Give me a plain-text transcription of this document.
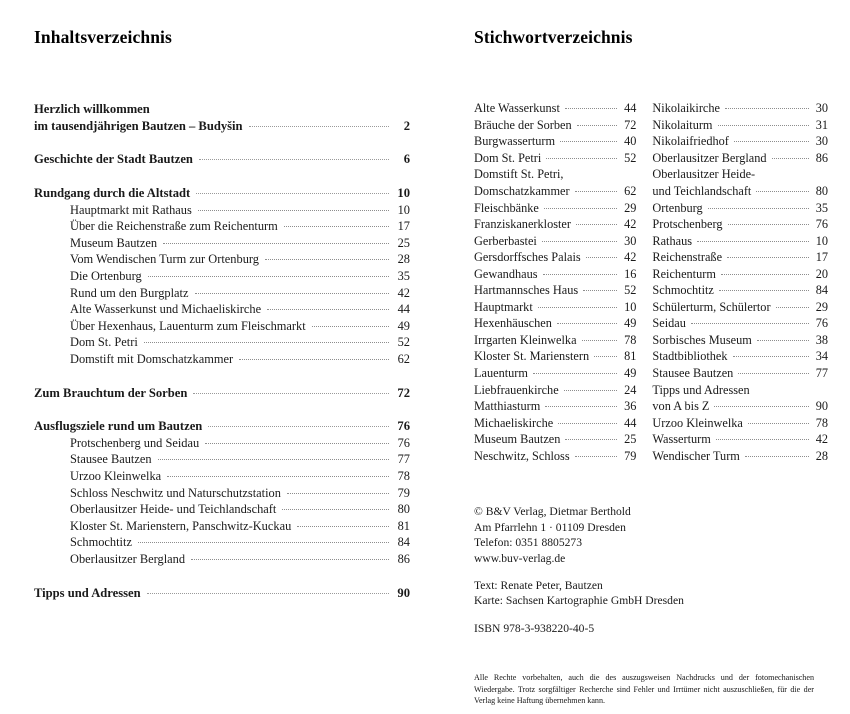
Inhaltsverzeichnis
Herzlich willkommen
im tausendjährigen Bautzen – Budyšin	2
Geschichte der Stadt Bautzen	6
Rundgang durch die Altstadt	10
Hauptmarkt mit Rathaus	10
Über die Reichenstraße zum Reichenturm	17
Museum Bautzen	25
Vom Wendischen Turm zur Ortenburg	28
Die Ortenburg	35
Rund um den Burgplatz	42
Alte Wasserkunst und Michaeliskirche	44
Über Hexenhaus, Lauenturm zum Fleischmarkt	49
Dom St. Petri	52
Domstift mit Domschatzkammer	62
Zum Brauchtum der Sorben	72
Ausflugsziele rund um Bautzen	76
Protschenberg und Seidau	76
Stausee Bautzen	77
Urzoo Kleinwelka	78
Schloss Neschwitz und Naturschutzstation	79
Oberlausitzer Heide- und Teichlandschaft	80
Kloster St. Marienstern, Panschwitz-Kuckau	81
Schmochtitz	84
Oberlausitzer Bergland	86
Tipps und Adressen	90
Stichwortverzeichnis
Alte Wasserkunst	44
Bräuche der Sorben	72
Burgwasserturm	40
Dom St. Petri	52
Domstift St. Petri,
Domschatzkammer	62
Fleischbänke	29
Franziskanerkloster	42
Gerberbastei	30
Gersdorffsches Palais	42
Gewandhaus	16
Hartmannsches Haus	52
Hauptmarkt	10
Hexenhäuschen	49
Irrgarten Kleinwelka	78
Kloster St. Marienstern	81
Lauenturm	49
Liebfrauenkirche	24
Matthiasturm	36
Michaeliskirche	44
Museum Bautzen	25
Neschwitz, Schloss	79
Nikolaikirche	30
Nikolaiturm	31
Nikolaifriedhof	30
Oberlausitzer Bergland	86
Oberlausitzer Heide-
und Teichlandschaft	80
Ortenburg	35
Protschenberg	76
Rathaus	10
Reichenstraße	17
Reichenturm	20
Schmochtitz	84
Schülerturm, Schülertor	29
Seidau	76
Sorbisches Museum	38
Stadtbibliothek	34
Stausee Bautzen	77
Tipps und Adressen
von A bis Z	90
Urzoo Kleinwelka	78
Wasserturm	42
Wendischer Turm	28
© B&V Verlag, Dietmar Berthold
Am Pfarrlehn 1 · 01109 Dresden
Telefon: 0351 8805273
www.buv-verlag.de
Text: Renate Peter, Bautzen
Karte: Sachsen Kartographie GmbH Dresden
ISBN 978-3-938220-40-5
Alle Rechte vorbehalten, auch die des auszugsweisen Nachdrucks und der fotomechanischen Wiedergabe. Trotz sorgfältiger Recherche sind Fehler und Irrtümer nicht auszuschließen, für die der Verlag keine Haftung übernehmen kann.
